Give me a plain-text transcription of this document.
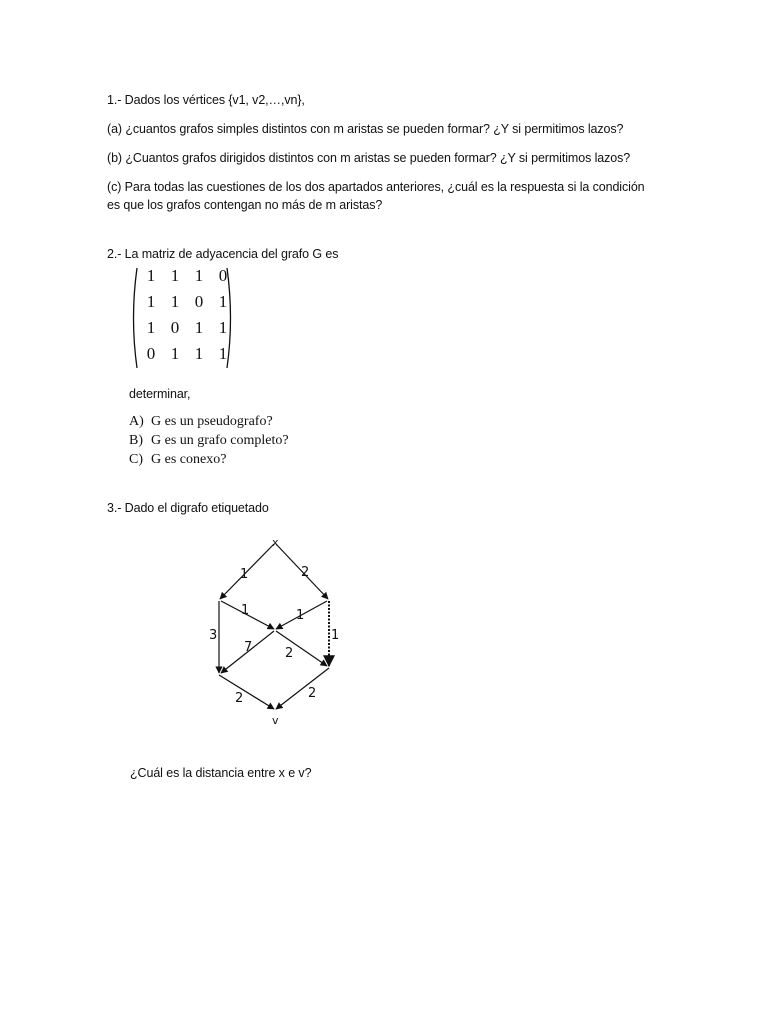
1.- Dados los vértices {v1, v2,…,vn},
(a) ¿cuantos grafos simples distintos con m aristas se pueden formar? ¿Y si permitimos lazos?
(b) ¿Cuantos grafos dirigidos distintos con m aristas se pueden formar? ¿Y si permitimos lazos?
(c) Para todas las cuestiones de los dos apartados anteriores, ¿cuál es la respuesta si la condición
es que los grafos contengan no más de m aristas?
2.- La matriz de adyacencia del grafo G es
1 1 1 0
1 1 0 1
1 0 1 1
0 1 1 1
determinar,
A) G es un pseudografo?
B) G es un grafo completo?
C) G es conexo?
3.- Dado el digrafo etiquetado
x
v
1	2
1	1
3
7	2
1
2	2
¿Cuál es la distancia entre x e v?
